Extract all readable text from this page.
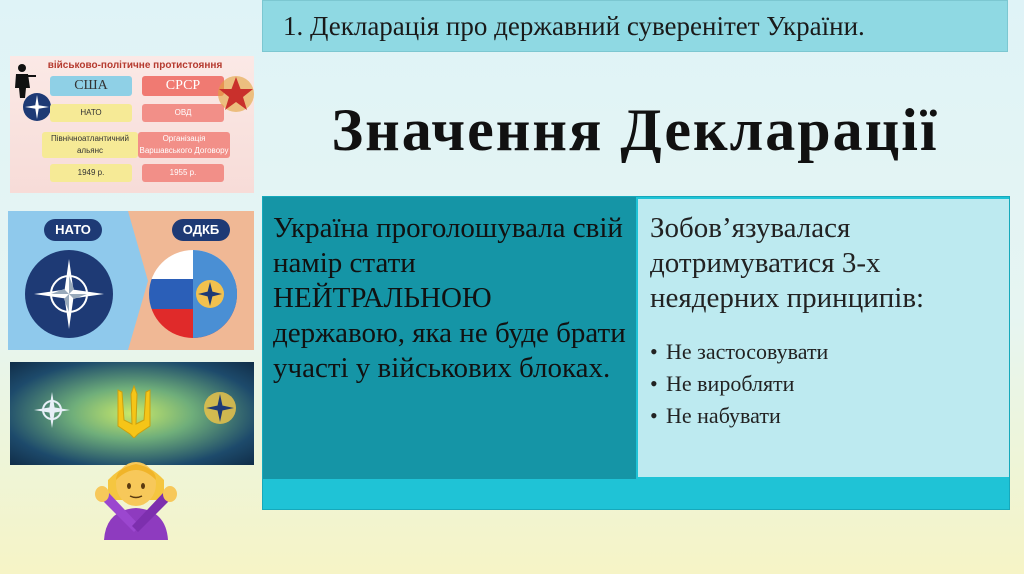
1. Декларація про державний суверенітет України.
Значення Декларації
Україна проголошувала свій намір стати НЕЙТРАЛЬНОЮ державою, яка не буде брати участі у військових блоках.
Зобов’язувалася дотримуватися 3-х неядерних принципів:
• Не застосовувати
• Не виробляти
• Не набувати
військово-політичне протистояння
США
НАТО
Північноатлантичний альянс
1949 р.
СРСР
ОВД
Організація Варшавського Договору
1955 р.
НАТО	ОДКБ
